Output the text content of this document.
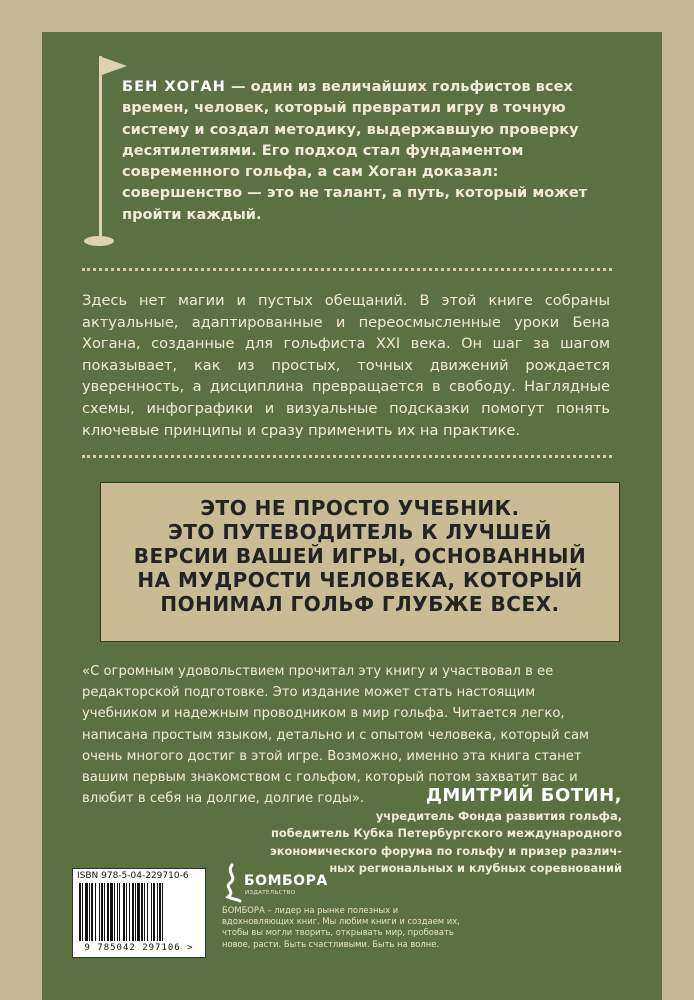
БЕН ХОГАН — один из величайших гольфистов всех времен, человек, который превратил игру в точную систему и создал методику, выдержавшую проверку десятилетиями. Его подход стал фундаментом современного гольфа, а сам Хоган доказал: совершенство — это не талант, а путь, который может пройти каждый.

Здесь нет магии и пустых обещаний. В этой книге собраны актуальные, адаптированные и переосмысленные уроки Бена Хогана, созданные для гольфиста XXI века. Он шаг за шагом показывает, как из простых, точных движений рождается уверенность, а дисциплина превращается в свободу. Наглядные схемы, инфографики и визуальные подсказки помогут понять ключевые принципы и сразу применить их на практике.

ЭТО НЕ ПРОСТО УЧЕБНИК.
ЭТО ПУТЕВОДИТЕЛЬ К ЛУЧШЕЙ
ВЕРСИИ ВАШЕЙ ИГРЫ, ОСНОВАННЫЙ
НА МУДРОСТИ ЧЕЛОВЕКА, КОТОРЫЙ
ПОНИМАЛ ГОЛЬФ ГЛУБЖЕ ВСЕХ.

«С огромным удовольствием прочитал эту книгу и участвовал в ее редакторской подготовке. Это издание может стать настоящим учебником и надежным проводником в мир гольфа. Читается легко, написана простым языком, детально и с опытом человека, который сам очень многого достиг в этой игре. Возможно, именно эта книга станет вашим первым знакомством с гольфом, который потом захватит вас и влюбит в себя на долгие, долгие годы».	ДМИТРИЙ БОТИН,

учредитель Фонда развития гольфа,
победитель Кубка Петербургского международного
экономического форума по гольфу и призер различ-
ных региональных и клубных соревнований

ISBN 978-5-04-229710-6
9 785042 297106 >
БОМБОРА
ИЗДАТЕЛЬСТВО

БОМБОРА – лидер на рынке полезных и вдохновляющих книг. Мы любим книги и создаем их, чтобы вы могли творить, открывать мир, пробовать новое, расти. Быть счастливыми. Быть на волне.
